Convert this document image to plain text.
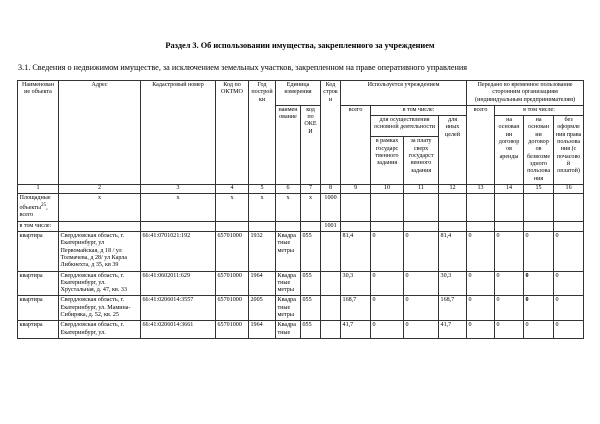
Раздел 3. Об использовании имущества, закрепленного за учреждением
3.1. Сведения о недвижимом имуществе, за исключением земельных участков, закрепленном на праве оперативного управления
Наименован ие объекта	Адрес	Кадастровый номер	Код по ОКТМО	Год построй ки	Единица измерения		Код строк и	Используется учреждением				Передано во временное пользование сторонним организациям (индивидуальным предпринимателям)			
					наимен ование	код по ОКЕ И		всего	в том числе:			всего	в том числе:		
									для осуществления основной деятельности		для иных целей		на основан ии договор ов аренды	на основан ии договор ов безвозме здного пользова ния	без оформле ния права пользова ния (с почасово й оплатой)
									в рамках государс твенного задания	за плату сверх государст венного задания					
1	2	3	4	5	6	7	8	9	10	11	12	13	14	15	16
Площадные объекты$^{25}$, всего	х	х	х	х	х	х	1000								
в том числе:							1001								
квартира	Свердловская область, г. Екатеринбург, ул Первомайская, д 18 / ул Толмачева, д 28/ ул Карла Либкнехта, д 35, кв 39	66:41:0701021:192	65701000	1932	Квадра тные метры	055		81,4	0	0	81,4	0	0	0	0
квартира	Свердловская область, г. Екатеринбург, ул. Хрустальная, д. 47, кв. 33	66:41:0602011:629	65701000	1964	Квадра тные метры	055		30,3	0	0	30,3	0	0	0	0
квартира	Свердловская область, г. Екатеринбург, ул. Мамина-Сибиряка, д. 52, кв. 25	66:41:0206014:3557	65701000	2005	Квадра тные метры	055		168,7	0	0	168,7	0	0	0	0
квартира	Свердловская область, г. Екатеринбург, ул.	66:41:0206014:3661	65701000	1964	Квадра тные	055		41,7	0	0	41,7	0	0	0	0
